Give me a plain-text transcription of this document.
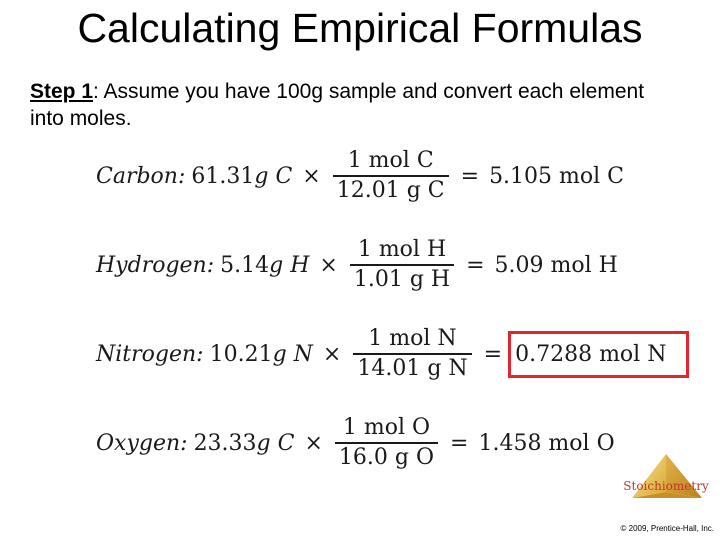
Calculating Empirical Formulas
Step 1: Assume you have 100g sample and convert each element into moles.
Carbon: 61.31g $C \times \frac{\text{1 mol C}}{\text{12.01 g C}} = 5.105$ mol C
Hydrogen: 5.14g $H \times \frac{\text{1 mol H}}{\text{1.01 g H}} = 5.09$ mol H
Nitrogen: 10.21g $N \times \frac{\text{1 mol N}}{\text{14.01 g N}} = 0.7288$ mol N
Oxygen: 23.33g $C \times \frac{\text{1 mol O}}{\text{16.0 g O}} = 1.458$ mol O
Stoichiometry
© 2009, Prentice-Hall, Inc.
